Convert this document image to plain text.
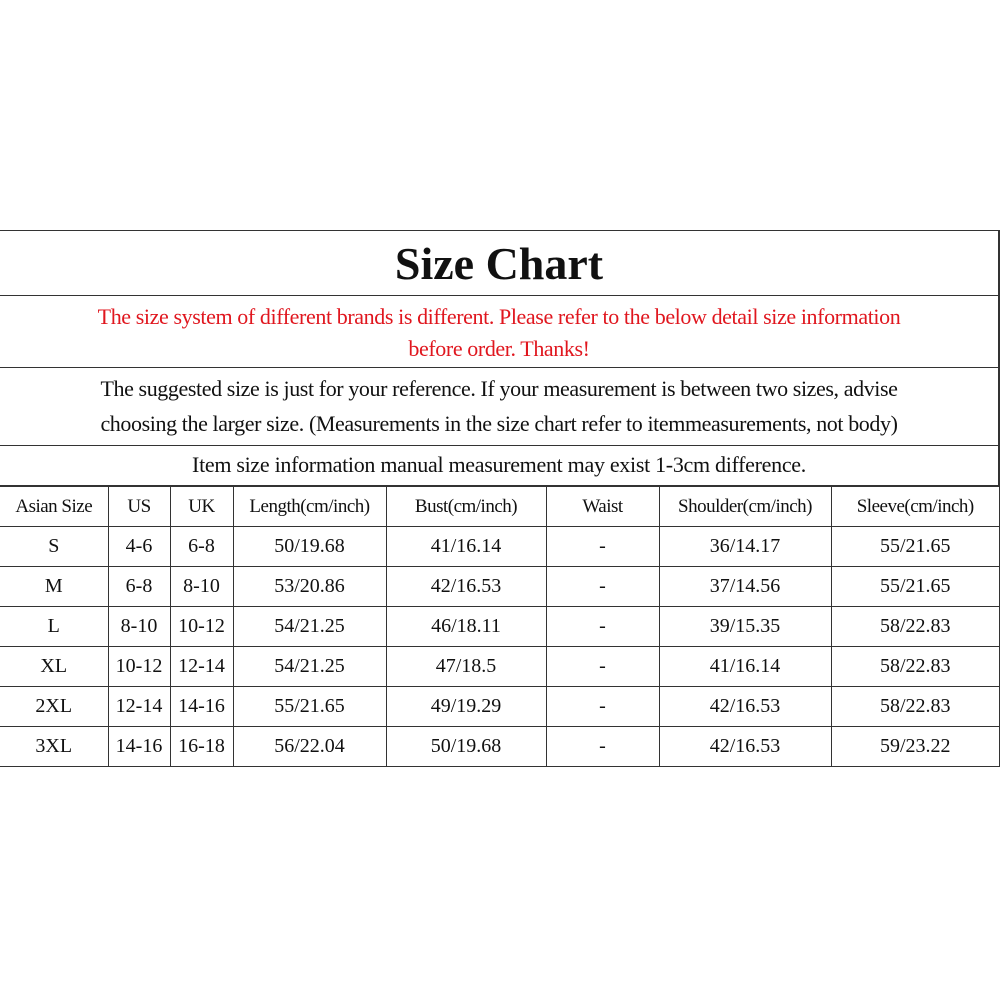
Size Chart
The size system of different brands is different. Please refer to the below detail size information
before order. Thanks!
The suggested size is just for your reference. If your measurement is between two sizes, advise
choosing the larger size. (Measurements in the size chart refer to itemmeasurements, not body)
Item size information manual measurement may exist 1-3cm difference.
Asian Size	US	UK	Length(cm/inch)	Bust(cm/inch)	Waist	Shoulder(cm/inch)	Sleeve(cm/inch)
S	4-6	6-8	50/19.68	41/16.14	-	36/14.17	55/21.65
M	6-8	8-10	53/20.86	42/16.53	-	37/14.56	55/21.65
L	8-10	10-12	54/21.25	46/18.11	-	39/15.35	58/22.83
XL	10-12	12-14	54/21.25	47/18.5	-	41/16.14	58/22.83
2XL	12-14	14-16	55/21.65	49/19.29	-	42/16.53	58/22.83
3XL	14-16	16-18	56/22.04	50/19.68	-	42/16.53	59/23.22
